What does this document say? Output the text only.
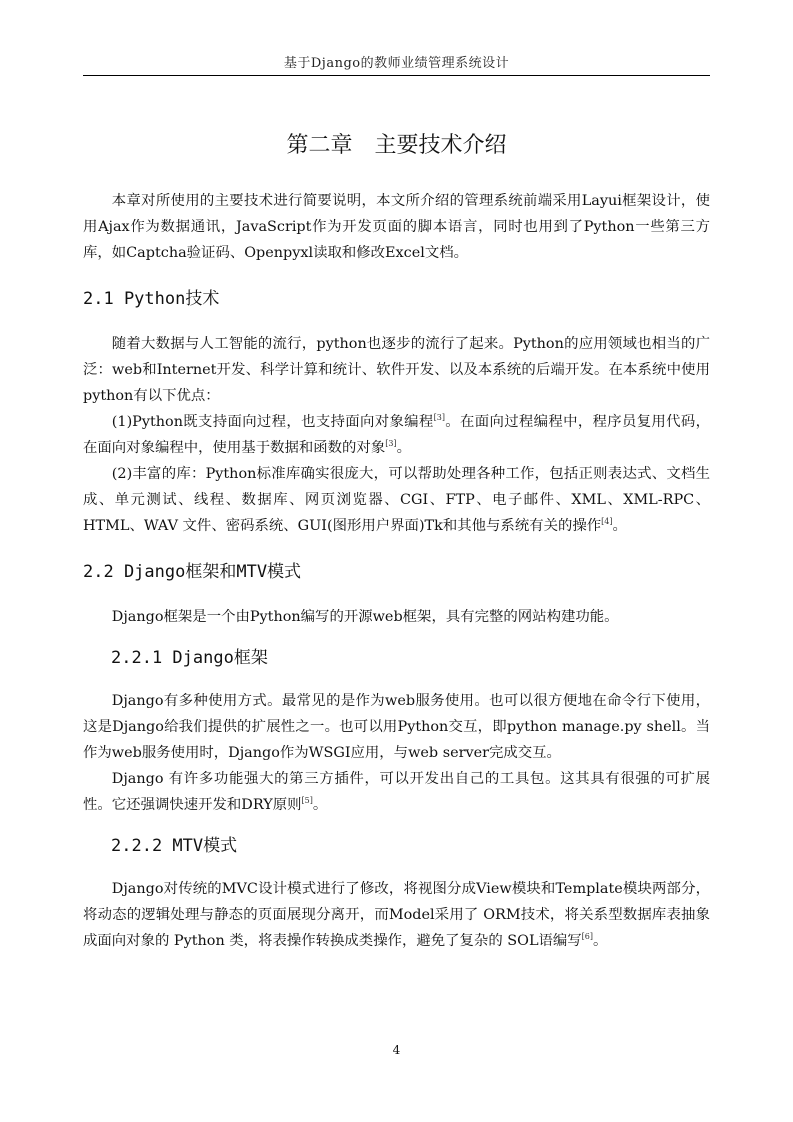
基于Django的教师业绩管理系统设计
第二章 主要技术介绍

本章对所使用的主要技术进行简要说明，本文所介绍的管理系统前端采用Layui框架设计，使用Ajax作为数据通讯，JavaScript作为开发页面的脚本语言，同时也用到了Python一些第三方库，如Captcha验证码、Openpyxl读取和修改Excel文档。

2.1 Python技术

随着大数据与人工智能的流行，python也逐步的流行了起来。Python的应用领域也相当的广泛：web和Internet开发、科学计算和统计、软件开发、以及本系统的后端开发。在本系统中使用python有以下优点：

(1)Python既支持面向过程，也支持面向对象编程[3]。在面向过程编程中，程序员复用代码，在面向对象编程中，使用基于数据和函数的对象[3]。

(2)丰富的库：Python标准库确实很庞大，可以帮助处理各种工作，包括正则表达式、文档生成、单元测试、线程、数据库、网页浏览器、CGI、FTP、电子邮件、XML、XML-RPC、HTML、WAV 文件、密码系统、GUI(图形用户界面)Tk和其他与系统有关的操作[4]。

2.2 Django框架和MTV模式

Django框架是一个由Python编写的开源web框架，具有完整的网站构建功能。

2.2.1 Django框架

Django有多种使用方式。最常见的是作为web服务使用。也可以很方便地在命令行下使用，这是Django给我们提供的扩展性之一。也可以用Python交互，即python manage.py shell。当作为web服务使用时，Django作为WSGI应用，与web server完成交互。

Django 有许多功能强大的第三方插件，可以开发出自己的工具包。这其具有很强的可扩展性。它还强调快速开发和DRY原则[5]。

2.2.2 MTV模式

Django对传统的MVC设计模式进行了修改，将视图分成View模块和Template模块两部分，将动态的逻辑处理与静态的页面展现分离开，而Model采用了 ORM技术，将关系型数据库表抽象成面向对象的 Python 类，将表操作转换成类操作，避免了复杂的 SOL语编写[6]。

4
